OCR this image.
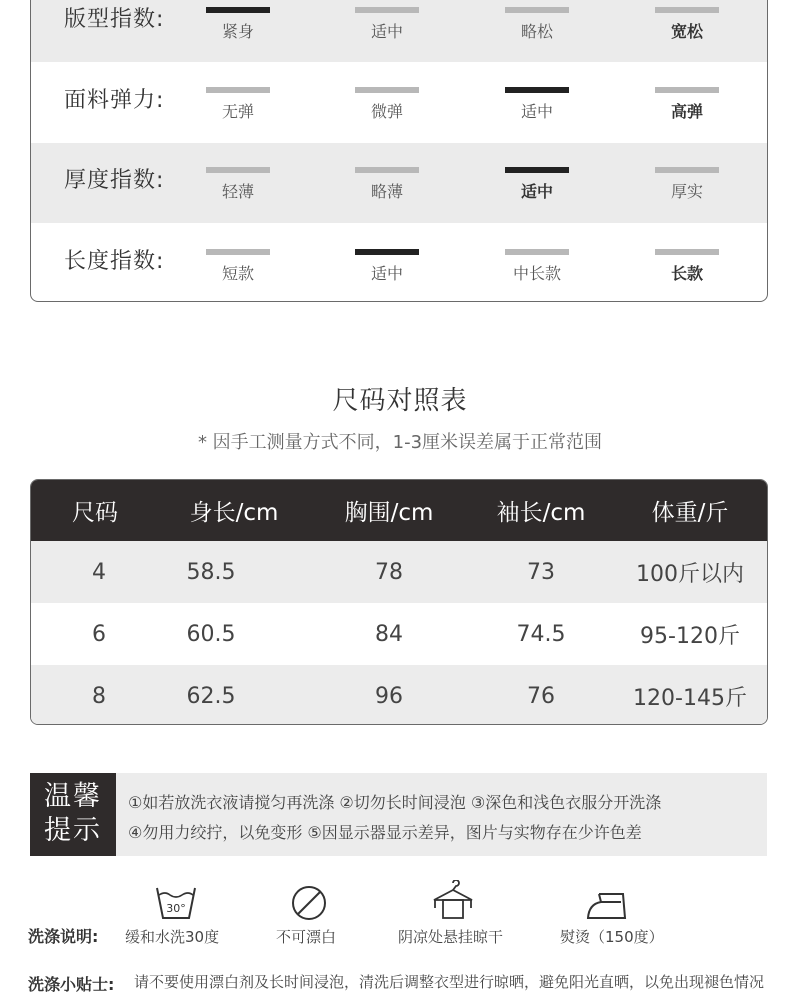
版型指数:	紧身	适中	略松	宽松
面料弹力:	无弹	微弹	适中	高弹
厚度指数:	轻薄	略薄	适中	厚实
长度指数:	短款	适中	中长款	长款
尺码对照表
* 因手工测量方式不同，1-3厘米误差属于正常范围
尺码	身长/cm	胸围/cm	袖长/cm	体重/斤
4	58.5	78	73	100斤以内
6	60.5	84	74.5	95-120斤
8	62.5	96	76	120-145斤
温馨
提示
①如若放洗衣液请搅匀再洗涤 ②切勿长时间浸泡 ③深色和浅色衣服分开洗涤
④勿用力绞拧，以免变形 ⑤因显示器显示差异，图片与实物存在少许色差
洗涤说明:
30°
缓和水洗30度	不可漂白	阴凉处悬挂晾干	熨烫（150度）
洗涤小贴士: 请不要使用漂白剂及长时间浸泡，清洗后调整衣型进行晾晒，避免阳光直晒，以免出现褪色情况
